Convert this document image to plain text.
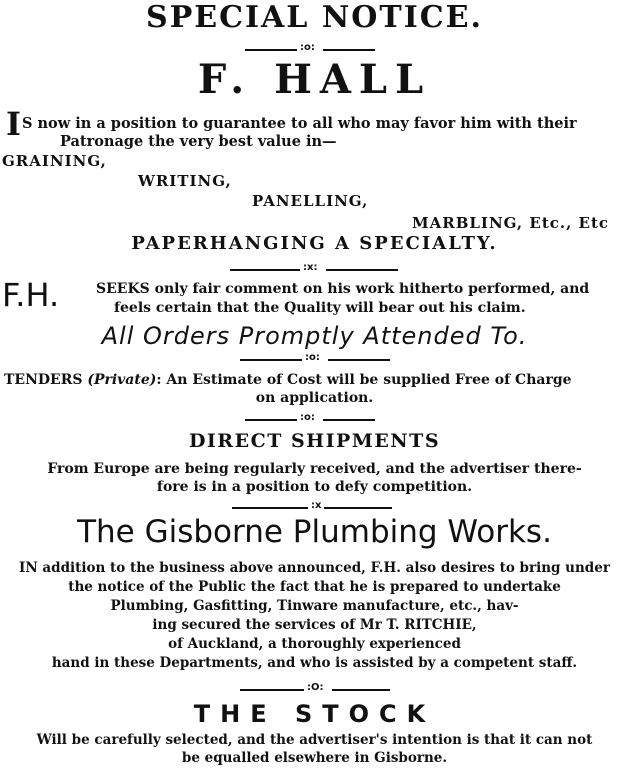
SPECIAL NOTICE.
:o:
F. HALL
I S now in a position to guarantee to all who may favor him with their
Patronage the very best value in—
GRAINING,
WRITING,
PANELLING,
MARBLING, Etc., Etc
PAPERHANGING A SPECIALTY.
:x:
F.H.	SEEKS only fair comment on his work hitherto performed, and
feels certain that the Quality will bear out his claim.
All Orders Promptly Attended To.
:o:
TENDERS (Private): An Estimate of Cost will be supplied Free of Charge
on application.
:o:
DIRECT SHIPMENTS
From Europe are being regularly received, and the advertiser there-
fore is in a position to defy competition.
:x
The Gisborne Plumbing Works.
IN addition to the business above announced, F.H. also desires to bring under
the notice of the Public the fact that he is prepared to undertake
Plumbing, Gasfitting, Tinware manufacture, etc., hav-
ing secured the services of Mr T. RITCHIE,
of Auckland, a thoroughly experienced
hand in these Departments, and who is assisted by a competent staff.
:O:
THE STOCK
Will be carefully selected, and the advertiser's intention is that it can not
be equalled elsewhere in Gisborne.
